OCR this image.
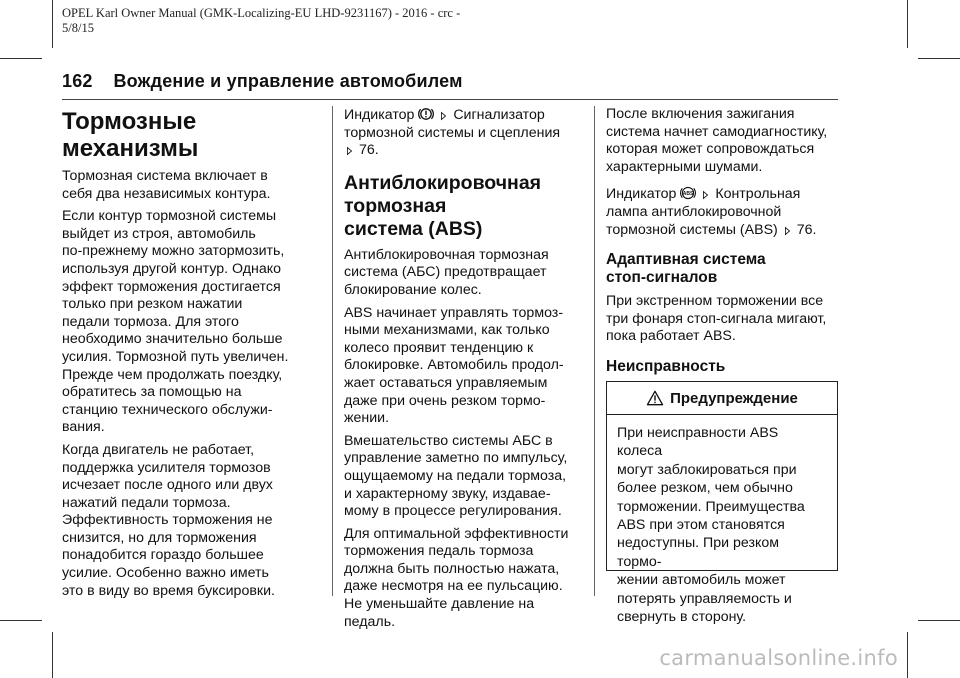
OPEL Karl Owner Manual (GMK-Localizing-EU LHD-9231167) - 2016 - crc -
5/8/15
162 Вождение и управление автомобилем
Тормозные
механизмы

Тормозная система включает в
себя два независимых контура.

Если контур тормозной системы
выйдет из строя, автомобиль
по-прежнему можно затормозить,
используя другой контур. Однако
эффект торможения достигается
только при резком нажатии
педали тормоза. Для этого
необходимо значительно больше
усилия. Тормозной путь увеличен.
Прежде чем продолжать поездку,
обратитесь за помощью на
станцию технического обслужи-
вания.

Когда двигатель не работает,
поддержка усилителя тормозов
исчезает после одного или двух
нажатий педали тормоза.
Эффективность торможения не
снизится, но для торможения
понадобится гораздо большее
усилие. Особенно важно иметь
это в виду во время буксировки.

Индикатор	Сигнализатор
тормозной системы и сцепления
76.

Антиблокировочная
тормозная
система (ABS)

Антиблокировочная тормозная
система (АБС) предотвращает
блокирование колес.

ABS начинает управлять тормоз-
ными механизмами, как только
колесо проявит тенденцию к
блокировке. Автомобиль продол-
жает оставаться управляемым
даже при очень резком тормо-
жении.

Вмешательство системы АБС в
управление заметно по импульсу,
ощущаемому на педали тормоза,
и характерному звуку, издавае-
мому в процессе регулирования.

Для оптимальной эффективности
торможения педаль тормоза
должна быть полностью нажата,
даже несмотря на ее пульсацию.
Не уменьшайте давление на
педаль.

После включения зажигания
система начнет самодиагностику,
которая может сопровождаться
характерными шумами.

Индикатор ABS Контрольная
лампа антиблокировочной
тормозной системы (ABS) 76.

Адаптивная система
стоп-сигналов

При экстренном торможении все
три фонаря стоп-сигнала мигают,
пока работает ABS.

Неисправность
Предупреждение
При неисправности ABS колеса
могут заблокироваться при
более резком, чем обычно
торможении. Преимущества
ABS при этом становятся
недоступны. При резком тормо-
жении автомобиль может
потерять управляемость и
свернуть в сторону.
carmanualsonline.info
